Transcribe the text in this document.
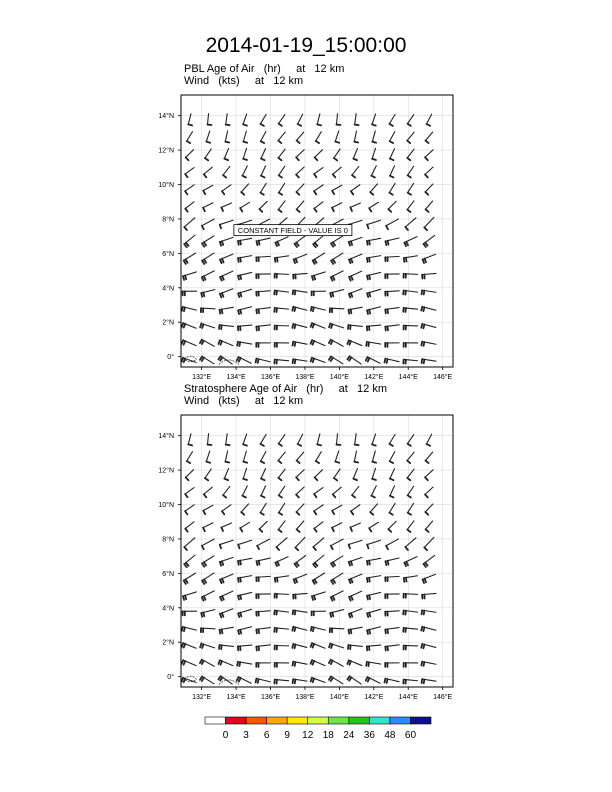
2014-01-19_15:00:00
PBL Age of Air   (hr)     at   12 km
Wind   (kts)     at   12 km
132°E 134°E 136°E 138°E 140°E 142°E 144°E 146°E
0°
2°N
4°N
6°N
8°N
10°N
12°N
14°N
CONSTANT FIELD - VALUE IS 0
Stratosphere Age of Air   (hr)     at   12 km
Wind   (kts)     at   12 km
132°E 134°E 136°E 138°E 140°E 142°E 144°E 146°E
0°
2°N
4°N
6°N
8°N
10°N
12°N
14°N
0 3 6 9 12 18 24 36 48 60
